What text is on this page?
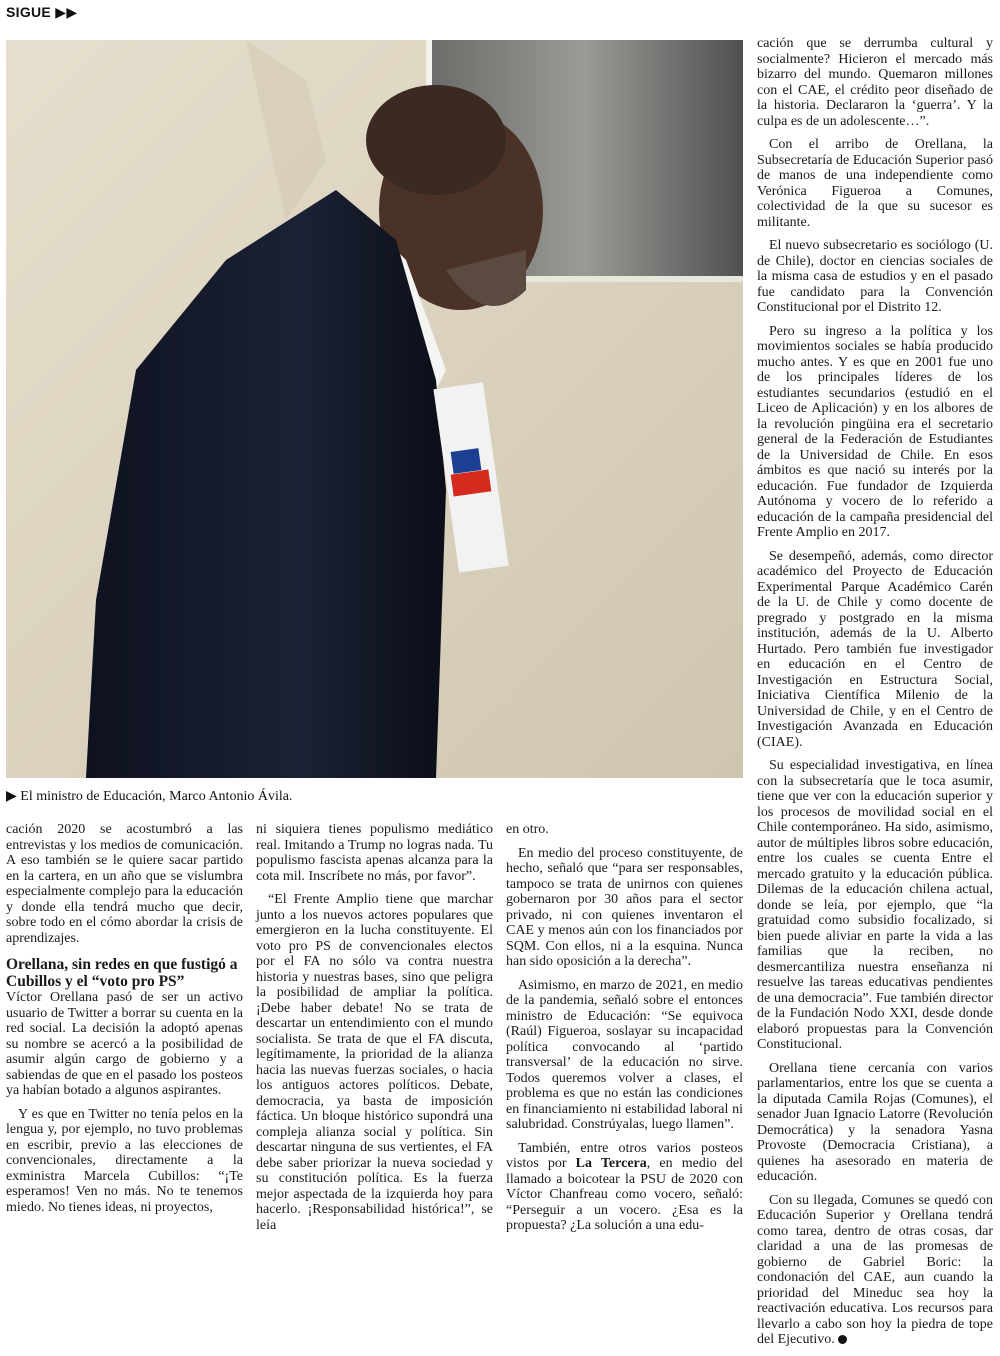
SIGUE ▶▶
▶ El ministro de Educación, Marco Antonio Ávila.

cación 2020 se acostumbró a las entrevistas y los medios de comunicación. A eso también se le quiere sacar partido en la cartera, en un año que se vislumbra especialmente complejo para la educación y donde ella tendrá mucho que decir, sobre todo en el cómo abordar la crisis de aprendizajes.

Orellana, sin redes en que fustigó a Cubillos y el “voto pro PS”

Víctor Orellana pasó de ser un activo usuario de Twitter a borrar su cuenta en la red social. La decisión la adoptó apenas su nombre se acercó a la posibilidad de asumir algún cargo de gobierno y a sabiendas de que en el pasado los posteos ya habían botado a algunos aspirantes.

Y es que en Twitter no tenía pelos en la lengua y, por ejemplo, no tuvo problemas en escribir, previo a las elecciones de convencionales, directamente a la exministra Marcela Cubillos: “¡Te esperamos! Ven no más. No te tenemos miedo. No tienes ideas, ni proyectos,

ni siquiera tienes populismo mediático real. Imitando a Trump no logras nada. Tu populismo fascista apenas alcanza para la cota mil. Inscríbete no más, por favor”.

“El Frente Amplio tiene que marchar junto a los nuevos actores populares que emergieron en la lucha constituyente. El voto pro PS de convencionales electos por el FA no sólo va contra nuestra historia y nuestras bases, sino que peligra la posibilidad de ampliar la política. ¡Debe haber debate! No se trata de descartar un entendimiento con el mundo socialista. Se trata de que el FA discuta, legítimamente, la prioridad de la alianza hacia las nuevas fuerzas sociales, o hacia los antiguos actores políticos. Debate, democracia, ya basta de imposición fáctica. Un bloque histórico supondrá una compleja alianza social y política. Sin descartar ninguna de sus vertientes, el FA debe saber priorizar la nueva sociedad y su constitución política. Es la fuerza mejor aspectada de la izquierda hoy para hacerlo. ¡Responsabilidad histórica!”, se leía

en otro.

En medio del proceso constituyente, de hecho, señaló que “para ser responsables, tampoco se trata de unirnos con quienes gobernaron por 30 años para el sector privado, ni con quienes inventaron el CAE y menos aún con los financiados por SQM. Con ellos, ni a la esquina. Nunca han sido oposición a la derecha”.

Asimismo, en marzo de 2021, en medio de la pandemia, señaló sobre el entonces ministro de Educación: “Se equivoca (Raúl) Figueroa, soslayar su incapacidad política convocando al ‘partido transversal’ de la educación no sirve. Todos queremos volver a clases, el problema es que no están las condiciones en financiamiento ni estabilidad laboral ni salubridad. Constrúyalas, luego llamen”.

También, entre otros varios posteos vistos por La Tercera, en medio del llamado a boicotear la PSU de 2020 con Víctor Chanfreau como vocero, señaló: “Perseguir a un vocero. ¿Esa es la propuesta? ¿La solución a una edu-

cación que se derrumba cultural y socialmente? Hicieron el mercado más bizarro del mundo. Quemaron millones con el CAE, el crédito peor diseñado de la historia. Declararon la ‘guerra’. Y la culpa es de un adolescente…”.

Con el arribo de Orellana, la Subsecretaría de Educación Superior pasó de manos de una independiente como Verónica Figueroa a Comunes, colectividad de la que su sucesor es militante.

El nuevo subsecretario es sociólogo (U. de Chile), doctor en ciencias sociales de la misma casa de estudios y en el pasado fue candidato para la Convención Constitucional por el Distrito 12.

Pero su ingreso a la política y los movimientos sociales se había producido mucho antes. Y es que en 2001 fue uno de los principales líderes de los estudiantes secundarios (estudió en el Liceo de Aplicación) y en los albores de la revolución pingüina era el secretario general de la Federación de Estudiantes de la Universidad de Chile. En esos ámbitos es que nació su interés por la educación. Fue fundador de Izquierda Autónoma y vocero de lo referido a educación de la campaña presidencial del Frente Amplio en 2017.

Se desempeñó, además, como director académico del Proyecto de Educación Experimental Parque Académico Carén de la U. de Chile y como docente de pregrado y postgrado en la misma institución, además de la U. Alberto Hurtado. Pero también fue investigador en educación en el Centro de Investigación en Estructura Social, Iniciativa Científica Milenio de la Universidad de Chile, y en el Centro de Investigación Avanzada en Educación (CIAE).

Su especialidad investigativa, en línea con la subsecretaría que le toca asumir, tiene que ver con la educación superior y los procesos de movilidad social en el Chile contemporáneo. Ha sido, asimismo, autor de múltiples libros sobre educación, entre los cuales se cuenta Entre el mercado gratuito y la educación pública. Dilemas de la educación chilena actual, donde se leía, por ejemplo, que “la gratuidad como subsidio focalizado, si bien puede aliviar en parte la vida a las familias que la reciben, no desmercantiliza nuestra enseñanza ni resuelve las tareas educativas pendientes de una democracia”. Fue también director de la Fundación Nodo XXI, desde donde elaboró propuestas para la Convención Constitucional.

Orellana tiene cercanía con varios parlamentarios, entre los que se cuenta a la diputada Camila Rojas (Comunes), el senador Juan Ignacio Latorre (Revolución Democrática) y la senadora Yasna Provoste (Democracia Cristiana), a quienes ha asesorado en materia de educación.

Con su llegada, Comunes se quedó con Educación Superior y Orellana tendrá como tarea, dentro de otras cosas, dar claridad a una de las promesas de gobierno de Gabriel Boric: la condonación del CAE, aun cuando la prioridad del Mineduc sea hoy la reactivación educativa. Los recursos para llevarlo a cabo son hoy la piedra de tope del Ejecutivo.
